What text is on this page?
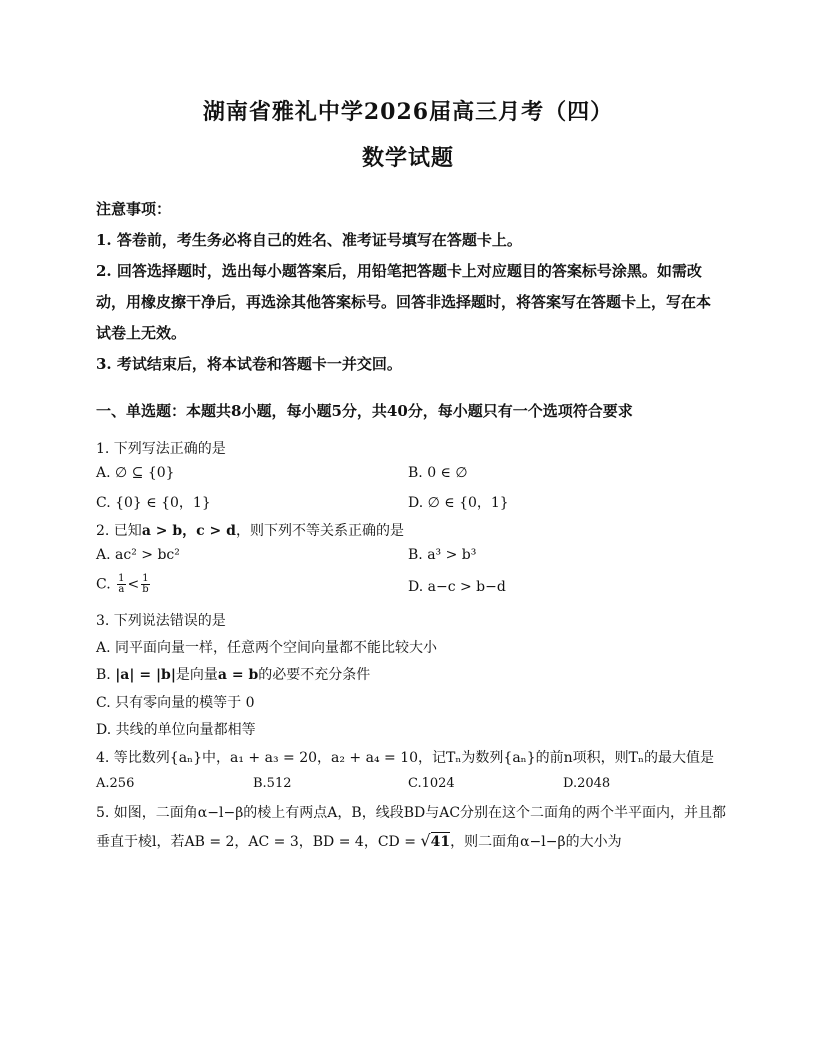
湖南省雅礼中学2026届高三月考（四）
数学试题
注意事项：
1. 答卷前，考生务必将自己的姓名、准考证号填写在答题卡上。
2. 回答选择题时，选出每小题答案后，用铅笔把答题卡上对应题目的答案标号涂黑。如需改动，用橡皮擦干净后，再选涂其他答案标号。回答非选择题时，将答案写在答题卡上，写在本试卷上无效。
3. 考试结束后，将本试卷和答题卡一并交回。
一、单选题：本题共8小题，每小题5分，共40分，每小题只有一个选项符合要求
1. 下列写法正确的是
A. ∅ ⊆ {0}	B. 0 ∈ ∅
C. {0} ∈ {0，1}	D. ∅ ∈ {0，1}
2. 已知a > b，c > d，则下列不等关系正确的是
A. ac² > bc²	B. a³ > b³
C. $\frac{1}{a} < \frac{1}{b}$	D. a−c > b−d
3. 下列说法错误的是
A. 同平面向量一样，任意两个空间向量都不能比较大小
B. |a| = |b|是向量a = b的必要不充分条件
C. 只有零向量的模等于 0
D. 共线的单位向量都相等
4. 等比数列{aₙ}中，a₁ + a₃ = 20，a₂ + a₄ = 10，记Tₙ为数列{aₙ}的前n项积，则Tₙ的最大值是
A.256	B.512	C.1024	D.2048
5. 如图，二面角α−l−β的棱上有两点A，B，线段BD与AC分别在这个二面角的两个半平面内，并且都
垂直于棱l，若AB = 2，AC = 3，BD = 4，CD = √41，则二面角α−l−β的大小为
